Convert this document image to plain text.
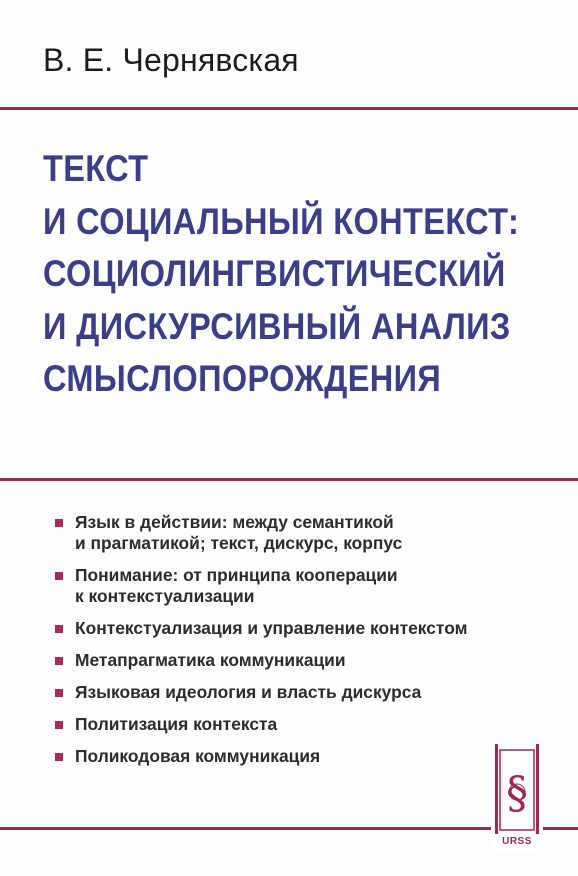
В. Е. Чернявская
ТЕКСТ
И СОЦИАЛЬНЫЙ КОНТЕКСТ:
СОЦИОЛИНГВИСТИЧЕСКИЙ
И ДИСКУРСИВНЫЙ АНАЛИЗ
СМЫСЛОПОРОЖДЕНИЯ
Язык в действии: между семантикой
и прагматикой; текст, дискурс, корпус
Понимание: от принципа кооперации
к контекстуализации
Контекстуализация и управление контекстом
Метапрагматика коммуникации
Языковая идеология и власть дискурса
Политизация контекста
Поликодовая коммуникация
§
URSS
